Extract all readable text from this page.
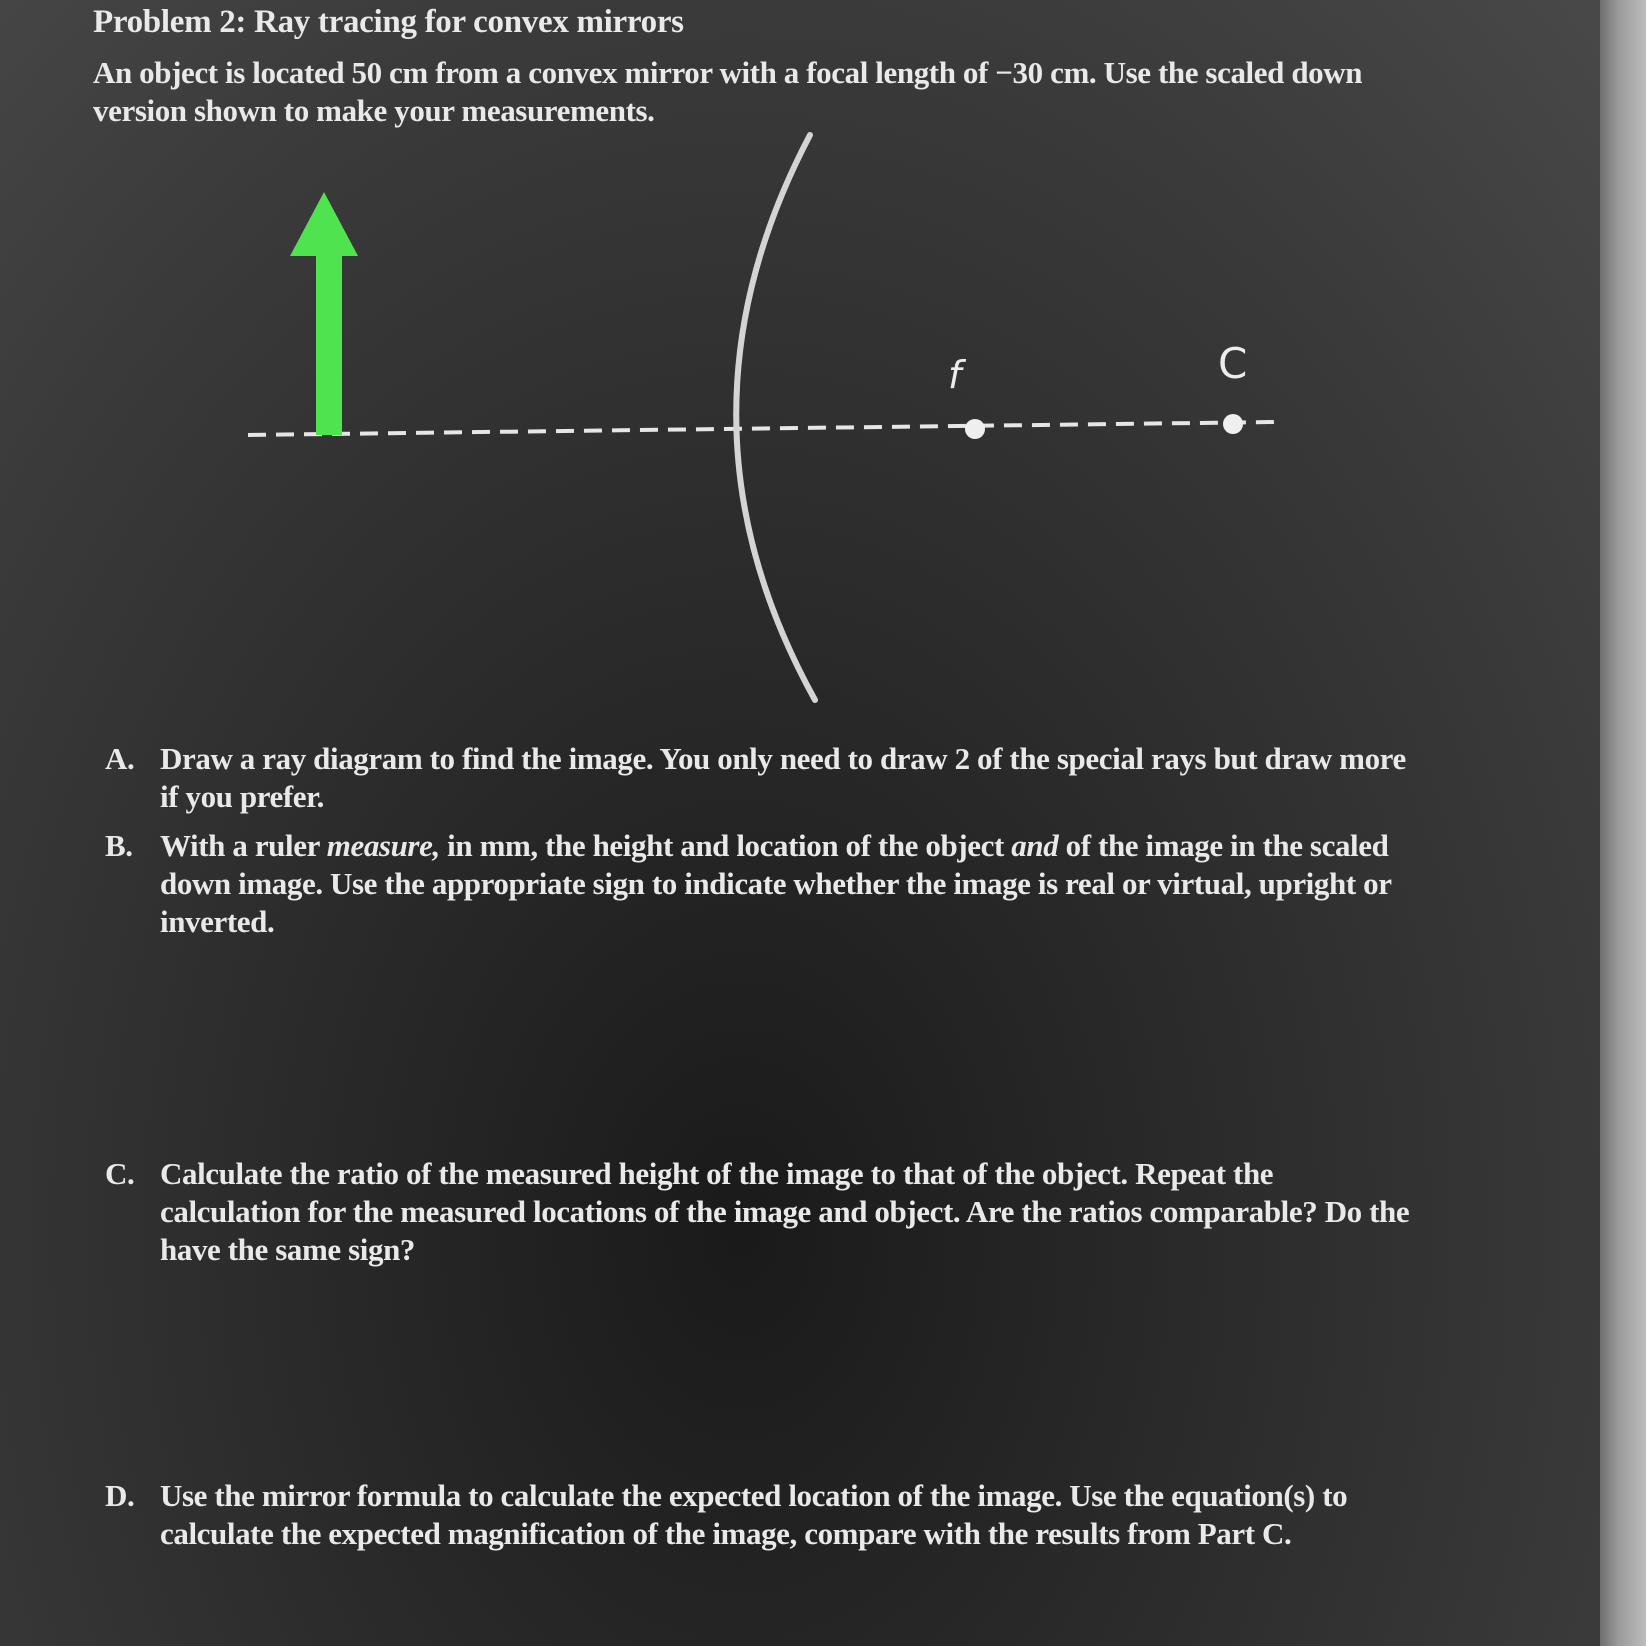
Problem 2: Ray tracing for convex mirrors
An object is located 50 cm from a convex mirror with a focal length of −30 cm. Use the scaled down version shown to make your measurements.
f	C
A. Draw a ray diagram to find the image. You only need to draw 2 of the special rays but draw more if you prefer.
B. With a ruler measure, in mm, the height and location of the object and of the image in the scaled down image. Use the appropriate sign to indicate whether the image is real or virtual, upright or inverted.
C. Calculate the ratio of the measured height of the image to that of the object. Repeat the calculation for the measured locations of the image and object. Are the ratios comparable? Do the have the same sign?
D. Use the mirror formula to calculate the expected location of the image. Use the equation(s) to calculate the expected magnification of the image, compare with the results from Part C.
